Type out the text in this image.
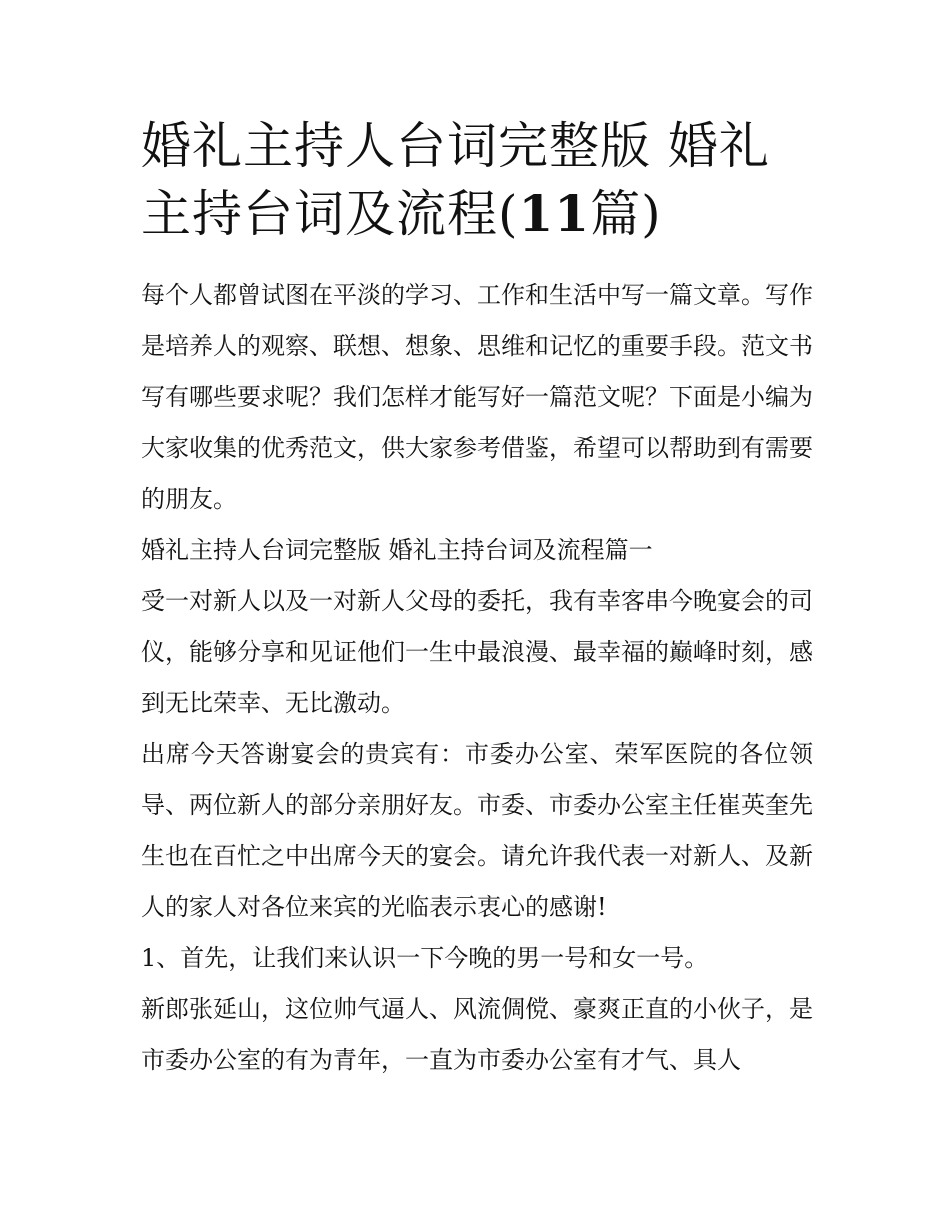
婚礼主持人台词完整版 婚礼主持台词及流程(11篇)

每个人都曾试图在平淡的学习、工作和生活中写一篇文章。写作是培养人的观察、联想、想象、思维和记忆的重要手段。范文书写有哪些要求呢？我们怎样才能写好一篇范文呢？下面是小编为大家收集的优秀范文，供大家参考借鉴，希望可以帮助到有需要的朋友。

婚礼主持人台词完整版 婚礼主持台词及流程篇一

受一对新人以及一对新人父母的委托，我有幸客串今晚宴会的司仪，能够分享和见证他们一生中最浪漫、最幸福的巅峰时刻，感到无比荣幸、无比激动。

出席今天答谢宴会的贵宾有：市委办公室、荣军医院的各位领导、两位新人的部分亲朋好友。市委、市委办公室主任崔英奎先生也在百忙之中出席今天的宴会。请允许我代表一对新人、及新人的家人对各位来宾的光临表示衷心的感谢!

1、首先，让我们来认识一下今晚的男一号和女一号。

新郎张延山，这位帅气逼人、风流倜傥、豪爽正直的小伙子，是市委办公室的有为青年，一直为市委办公室有才气、具人
